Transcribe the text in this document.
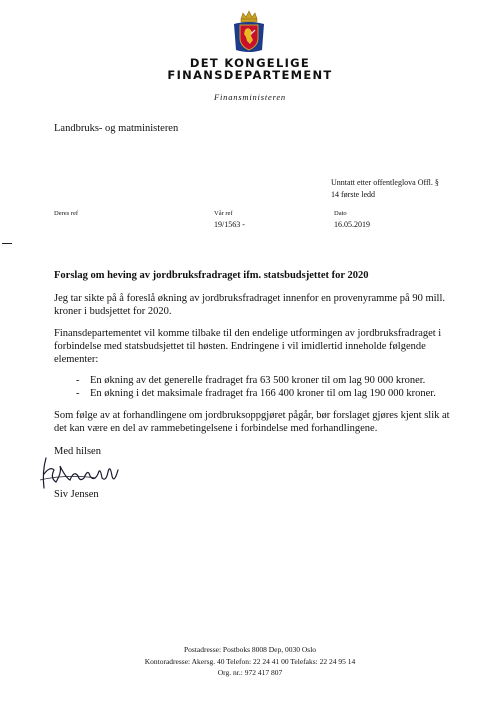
DET KONGELIGE
FINANSDEPARTEMENT
Finansministeren
Landbruks- og matministeren
Unntatt etter offentleglova Offl. §
14 første ledd
Deres ref	Vår ref
19/1563 -
Dato
16.05.2019
Forslag om heving av jordbruksfradraget ifm. statsbudsjettet for 2020
Jeg tar sikte på å foreslå økning av jordbruksfradraget innenfor en provenyramme på 90 mill.
kroner i budsjettet for 2020.
Finansdepartementet vil komme tilbake til den endelige utformingen av jordbruksfradraget i
forbindelse med statsbudsjettet til høsten. Endringene i vil imidlertid inneholde følgende
elementer:
- En økning av det generelle fradraget fra 63 500 kroner til om lag 90 000 kroner.
- En økning i det maksimale fradraget fra 166 400 kroner til om lag 190 000 kroner.
Som følge av at forhandlingene om jordbruksoppgjøret pågår, bør forslaget gjøres kjent slik at
det kan være en del av rammebetingelsene i forbindelse med forhandlingene.
Med hilsen
Siv Jensen
Postadresse: Postboks 8008 Dep, 0030 Oslo
Kontoradresse: Akersg. 40 Telefon: 22 24 41 00 Telefaks: 22 24 95 14
Org. nr.: 972 417 807
